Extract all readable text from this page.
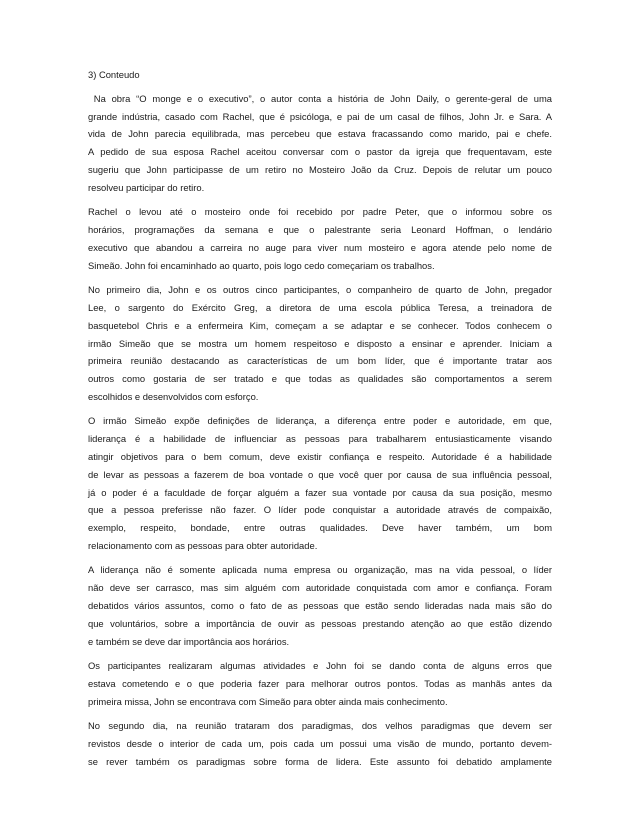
3) Conteudo
Na obra “O monge e o executivo”, o autor conta a história de John Daily, o gerente-geral de uma
grande indústria, casado com Rachel, que é psicóloga, e pai de um casal de filhos, John Jr. e Sara. A
vida de John parecia equilibrada, mas percebeu que estava fracassando como marido, pai e chefe.
A pedido de sua esposa Rachel aceitou conversar com o pastor da igreja que frequentavam, este
sugeriu que John participasse de um retiro no Mosteiro João da Cruz. Depois de relutar um pouco
resolveu participar do retiro.
Rachel o levou até o mosteiro onde foi recebido por padre Peter, que o informou sobre os
horários, programações da semana e que o palestrante seria Leonard Hoffman, o lendário
executivo que abandou a carreira no auge para viver num mosteiro e agora atende pelo nome de
Simeão. John foi encaminhado ao quarto, pois logo cedo começariam os trabalhos.
No primeiro dia, John e os outros cinco participantes, o companheiro de quarto de John, pregador
Lee, o sargento do Exército Greg, a diretora de uma escola pública Teresa, a treinadora de
basquetebol Chris e a enfermeira Kim, começam a se adaptar e se conhecer. Todos conhecem o
irmão Simeão que se mostra um homem respeitoso e disposto a ensinar e aprender. Iniciam a
primeira reunião destacando as características de um bom líder, que é importante tratar aos
outros como gostaria de ser tratado e que todas as qualidades são comportamentos a serem
escolhidos e desenvolvidos com esforço.
O irmão Simeão expõe definições de liderança, a diferença entre poder e autoridade, em que,
liderança é a habilidade de influenciar as pessoas para trabalharem entusiasticamente visando
atingir objetivos para o bem comum, deve existir confiança e respeito. Autoridade é a habilidade
de levar as pessoas a fazerem de boa vontade o que você quer por causa de sua influência pessoal,
já o poder é a faculdade de forçar alguém a fazer sua vontade por causa da sua posição, mesmo
que a pessoa preferisse não fazer. O líder pode conquistar a autoridade através de compaixão,
exemplo, respeito, bondade, entre outras qualidades. Deve haver também, um bom
relacionamento com as pessoas para obter autoridade.
A liderança não é somente aplicada numa empresa ou organização, mas na vida pessoal, o líder
não deve ser carrasco, mas sim alguém com autoridade conquistada com amor e confiança. Foram
debatidos vários assuntos, como o fato de as pessoas que estão sendo lideradas nada mais são do
que voluntários, sobre a importância de ouvir as pessoas prestando atenção ao que estão dizendo
e também se deve dar importância aos horários.
Os participantes realizaram algumas atividades e John foi se dando conta de alguns erros que
estava cometendo e o que poderia fazer para melhorar outros pontos. Todas as manhãs antes da
primeira missa, John se encontrava com Simeão para obter ainda mais conhecimento.
No segundo dia, na reunião trataram dos paradigmas, dos velhos paradigmas que devem ser
revistos desde o interior de cada um, pois cada um possui uma visão de mundo, portanto devem-
se rever também os paradigmas sobre forma de lidera. Este assunto foi debatido amplamente
